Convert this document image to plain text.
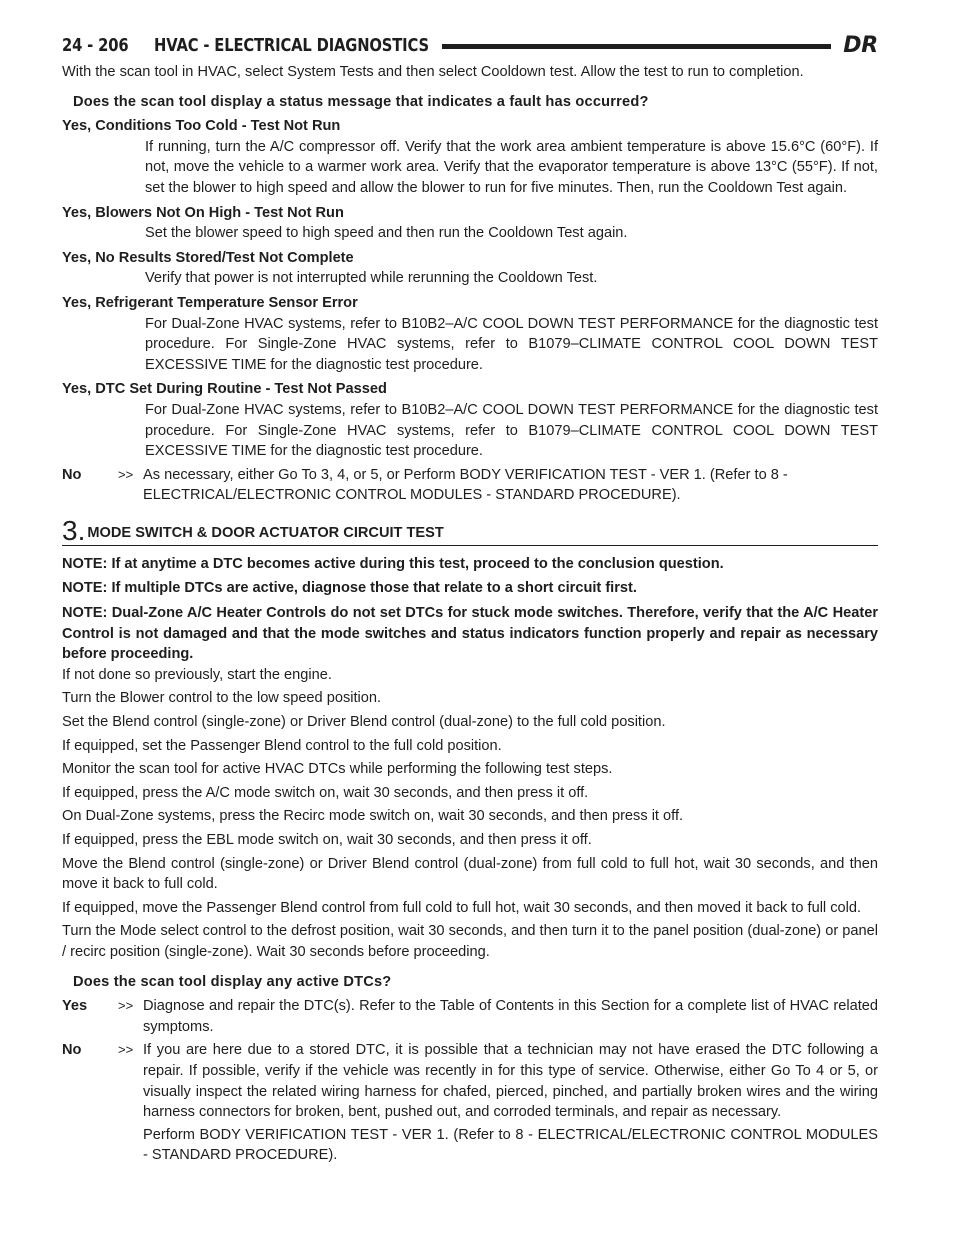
24 - 206	HVAC - ELECTRICAL DIAGNOSTICS	DR

With the scan tool in HVAC, select System Tests and then select Cooldown test. Allow the test to run to completion.

Does the scan tool display a status message that indicates a fault has occurred?

Yes, Conditions Too Cold - Test Not Run

If running, turn the A/C compressor off. Verify that the work area ambient temperature is above 15.6°C (60°F). If not, move the vehicle to a warmer work area. Verify that the evaporator temperature is above 13°C (55°F). If not, set the blower to high speed and allow the blower to run for five minutes. Then, run the Cooldown Test again.

Yes, Blowers Not On High - Test Not Run

Set the blower speed to high speed and then run the Cooldown Test again.

Yes, No Results Stored/Test Not Complete

Verify that power is not interrupted while rerunning the Cooldown Test.

Yes, Refrigerant Temperature Sensor Error

For Dual-Zone HVAC systems, refer to B10B2–A/C COOL DOWN TEST PERFORMANCE for the diagnostic test procedure. For Single-Zone HVAC systems, refer to B1079–CLIMATE CONTROL COOL DOWN TEST EXCESSIVE TIME for the diagnostic test procedure.

Yes, DTC Set During Routine - Test Not Passed

For Dual-Zone HVAC systems, refer to B10B2–A/C COOL DOWN TEST PERFORMANCE for the diagnostic test procedure. For Single-Zone HVAC systems, refer to B1079–CLIMATE CONTROL COOL DOWN TEST EXCESSIVE TIME for the diagnostic test procedure.

No	>> As necessary, either Go To 3, 4, or 5, or Perform BODY VERIFICATION TEST - VER 1. (Refer to 8 - ELECTRICAL/ELECTRONIC CONTROL MODULES - STANDARD PROCEDURE).

3. MODE SWITCH & DOOR ACTUATOR CIRCUIT TEST

NOTE: If at anytime a DTC becomes active during this test, proceed to the conclusion question.

NOTE: If multiple DTCs are active, diagnose those that relate to a short circuit first.

NOTE: Dual-Zone A/C Heater Controls do not set DTCs for stuck mode switches. Therefore, verify that the A/C Heater Control is not damaged and that the mode switches and status indicators function properly and repair as necessary before proceeding.

If not done so previously, start the engine.

Turn the Blower control to the low speed position.

Set the Blend control (single-zone) or Driver Blend control (dual-zone) to the full cold position.

If equipped, set the Passenger Blend control to the full cold position.

Monitor the scan tool for active HVAC DTCs while performing the following test steps.

If equipped, press the A/C mode switch on, wait 30 seconds, and then press it off.

On Dual-Zone systems, press the Recirc mode switch on, wait 30 seconds, and then press it off.

If equipped, press the EBL mode switch on, wait 30 seconds, and then press it off.

Move the Blend control (single-zone) or Driver Blend control (dual-zone) from full cold to full hot, wait 30 seconds, and then move it back to full cold.

If equipped, move the Passenger Blend control from full cold to full hot, wait 30 seconds, and then moved it back to full cold.

Turn the Mode select control to the defrost position, wait 30 seconds, and then turn it to the panel position (dual-zone) or panel / recirc position (single-zone). Wait 30 seconds before proceeding.

Does the scan tool display any active DTCs?

Yes	>> Diagnose and repair the DTC(s). Refer to the Table of Contents in this Section for a complete list of HVAC related symptoms.

No	>> If you are here due to a stored DTC, it is possible that a technician may not have erased the DTC following a repair. If possible, verify if the vehicle was recently in for this type of service. Otherwise, either Go To 4 or 5, or visually inspect the related wiring harness for chafed, pierced, pinched, and partially broken wires and the wiring harness connectors for broken, bent, pushed out, and corroded terminals, and repair as necessary.

Perform BODY VERIFICATION TEST - VER 1. (Refer to 8 - ELECTRICAL/ELECTRONIC CONTROL MODULES - STANDARD PROCEDURE).
